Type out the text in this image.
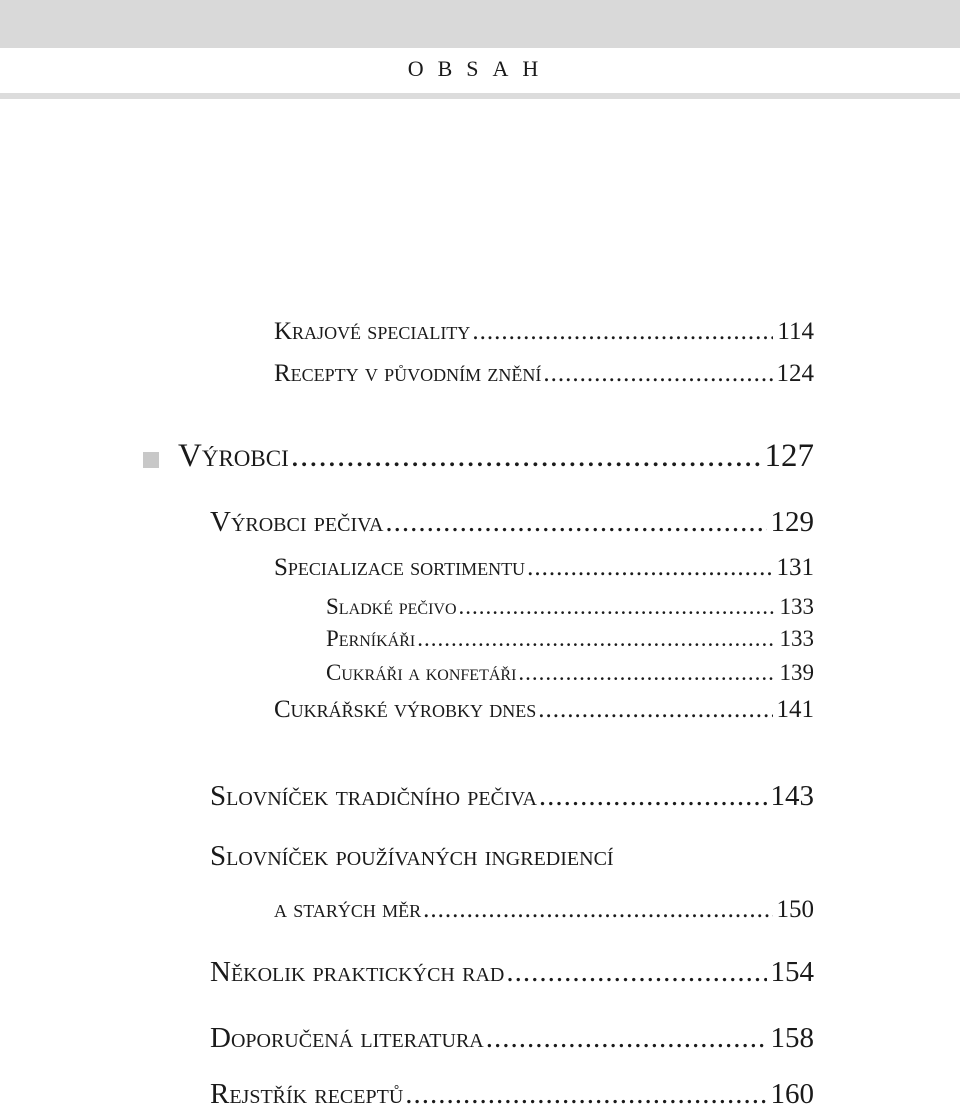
OBSAH
Krajové speciality .....	114
Recepty v původním znění .....	124
Výrobci .....	127
Výrobci pečiva .....	129
Specializace sortimentu .....	131
Sladké pečivo .....	133
Perníkáři .....	133
Cukráři a konfetáři .....	139
Cukrářské výrobky dnes .....	141
Slovníček tradičního pečiva .....	143
Slovníček používaných ingrediencí
a starých měr .....	150
Několik praktických rad .....	154
Doporučená literatura .....	158
Rejstřík receptů .....	160
